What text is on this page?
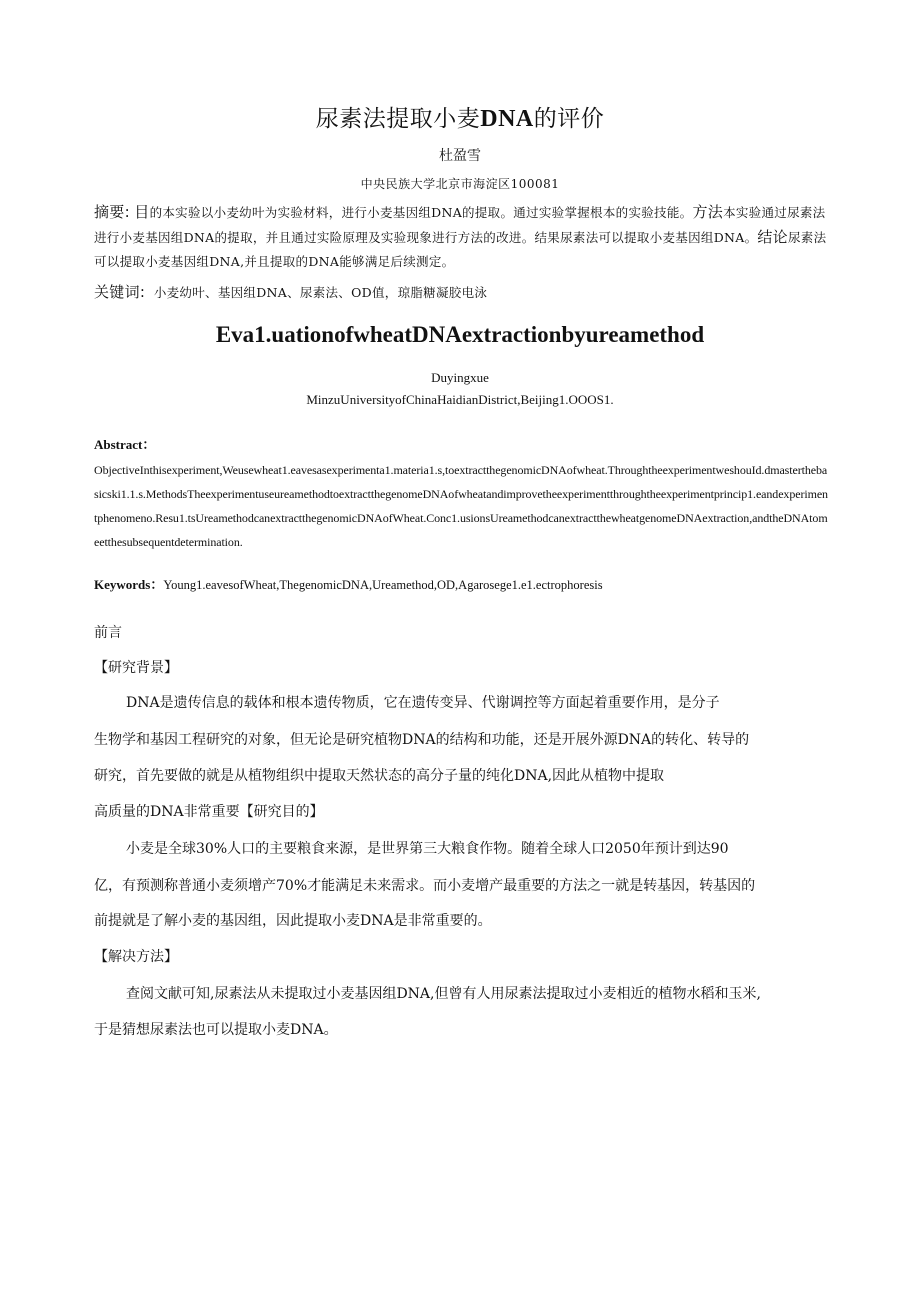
尿素法提取小麦DNA的评价
杜盈雪
中央民族大学北京市海淀区100081
摘要: 目的本实验以小麦幼叶为实验材料，进行小麦基因组DNA的提取。通过实验掌握根本的实验技能。方法本实验通过尿素法进行小麦基因组DNA的提取，并且通过实险原理及实验现象进行方法的改进。结果尿素法可以提取小麦基因组DNA。结论尿素法可以提取小麦基因组DNA,并且提取的DNA能够满足后续测定。
关键词: 小麦幼叶、基因组DNA、尿素法、OD值，琼脂糖凝胶电泳
Eva1.uationofwheatDNAextractionbyureamethod
Duyingxue
MinzuUniversityofChinaHaidianDistrict,Beijing1.OOOS1.
Abstract：
ObjectiveInthisexperiment,Weusewheat1.eavesasexperimenta1.materia1.s,toextractthegenomicDNAofwheat.ThroughtheexperimentweshouId.dmasterthebasicski1.1.s.MethodsTheexperimentuseureamethodtoextractthegenomeDNAofwheatandimprovetheexperimentthroughtheexperimentprincip1.eandexperimentphenomeno.Resu1.tsUreamethodcanextractthegenomicDNAofWheat.Conc1.usionsUreamethodcanextractthewheatgenomeDNAextraction,andtheDNAtomeetthesubsequentdetermination.
Keywords：Young1.eavesofWheat,ThegenomicDNA,Ureamethod,OD,Agarosege1.e1.ectrophoresis
前言
【研究背景】
DNA是遗传信息的载体和根本遗传物质，它在遗传变异、代谢调控等方面起着重要作用，是分子
生物学和基因工程研究的对象，但无论是研究植物DNA的结构和功能，还是开展外源DNA的转化、转导的
研究，首先要做的就是从植物组织中提取天然状态的高分子量的纯化DNA,因此从植物中提取
高质量的DNA非常重要【研究目的】
小麦是全球30%人口的主要粮食来源，是世界第三大粮食作物。随着全球人口2050年预计到达90
亿，有预测称普通小麦须增产70%才能满足未来需求。而小麦增产最重要的方法之一就是转基因，转基因的
前提就是了解小麦的基因组，因此提取小麦DNA是非常重要的。
【解决方法】
查阅文献可知,尿素法从未提取过小麦基因组DNA,但曾有人用尿素法提取过小麦相近的植物水稻和玉米,
于是猜想尿素法也可以提取小麦DNA。
